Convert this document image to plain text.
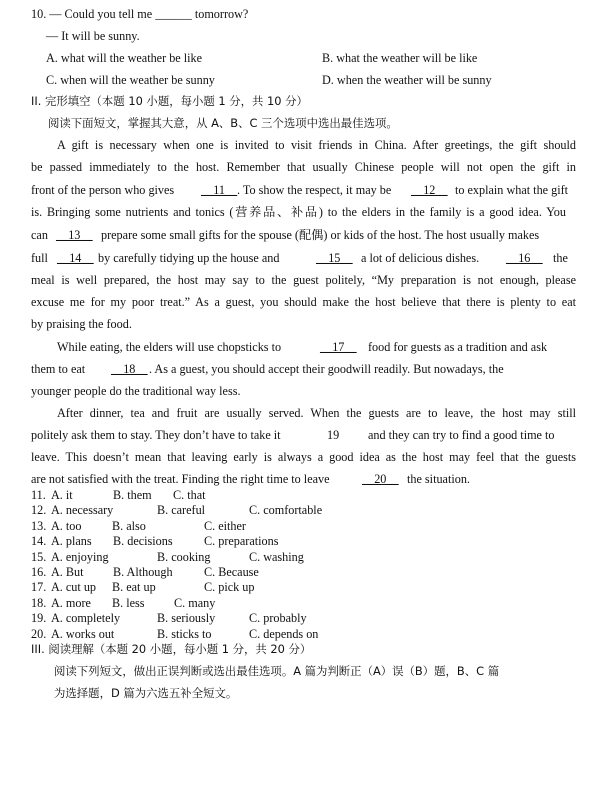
10. — Could you tell me ______ tomorrow?
— It will be sunny.
A. what will the weather be like	B. what the weather will be like
C. when will the weather be sunny	D. when the weather will be sunny
II. 完形填空（本题 10 小题，每小题 1 分，共 10 分）
阅读下面短文，掌握其大意，从 A、B、C 三个选项中选出最佳选项。
A gift is necessary when one is invited to visit friends in China. After greetings, the gift should
be passed immediately to the host. Remember that usually Chinese people will not open the gift in
front of the person who gives __11__ . To show the respect, it may be __12__ to explain what the gift
is. Bringing some nutrients and tonics (营养品、补品) to the elders in the family is a good idea. You
can __13__ prepare some small gifts for the spouse (配偶) or kids of the host. The host usually makes
full __14__ by carefully tidying up the house and	__15__ a lot of delicious dishes. __16__ the
meal is well prepared, the host may say to the guest politely, “My preparation is not enough, please
excuse me for my poor treat.” As a guest, you should make the host believe that there is plenty to eat
by praising the food.
While eating, the elders will use chopsticks to	__17__ food for guests as a tradition and ask
them to eat __18__ . As a guest, you should accept their goodwill readily. But nowadays, the
younger people do the traditional way less.
After dinner, tea and fruit are usually served. When the guests are to leave, the host may still
politely ask them to stay. They don’t have to take it	19 and they can try to find a good time to
leave. This doesn’t mean that leaving early is always a good idea as the host may feel that the guests
are not satisfied with the treat. Finding the right time to leave	__20__ the situation.
11. A. it	B. them C. that
12. A. necessary	B. careful	C. comfortable
13. A. too	B. also	C. either
14. A. plans B. decisions	C. preparations
15. A. enjoying	B. cooking	C. washing
16. A. But B. Although	C. Because
17. A. cut up B. eat up	C. pick up
18. A. more B. less C. many
19. A. completely	B. seriously	C. probably
20. A. works out	B. sticks to	C. depends on
III. 阅读理解（本题 20 小题，每小题 1 分，共 20 分）
阅读下列短文，做出正误判断或选出最佳选项。A 篇为判断正（A）误（B）题，B、C 篇
为选择题，D 篇为六选五补全短文。
